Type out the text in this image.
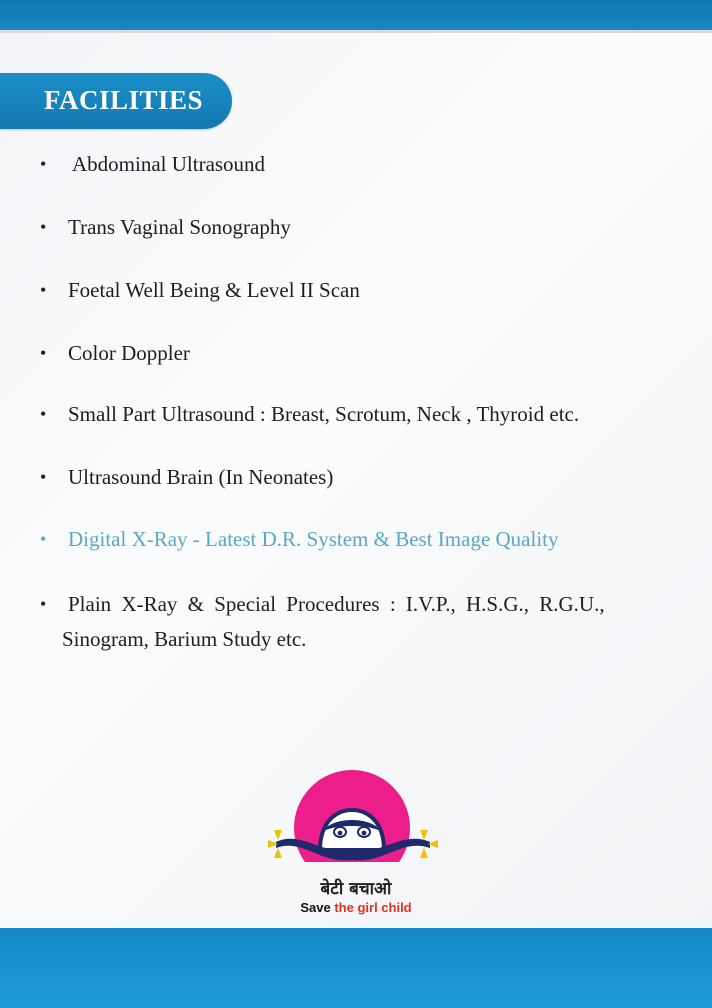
FACILITIES
• Abdominal Ultrasound
• Trans Vaginal Sonography
• Foetal Well Being & Level II Scan
• Color Doppler
• Small Part Ultrasound : Breast, Scrotum, Neck , Thyroid etc.
• Ultrasound Brain (In Neonates)
• Digital X-Ray - Latest D.R. System & Best Image Quality
• Plain X-Ray & Special Procedures : I.V.P., H.S.G., R.G.U.,
Sinogram, Barium Study etc.
बेटी बचाओ
Save the girl child
